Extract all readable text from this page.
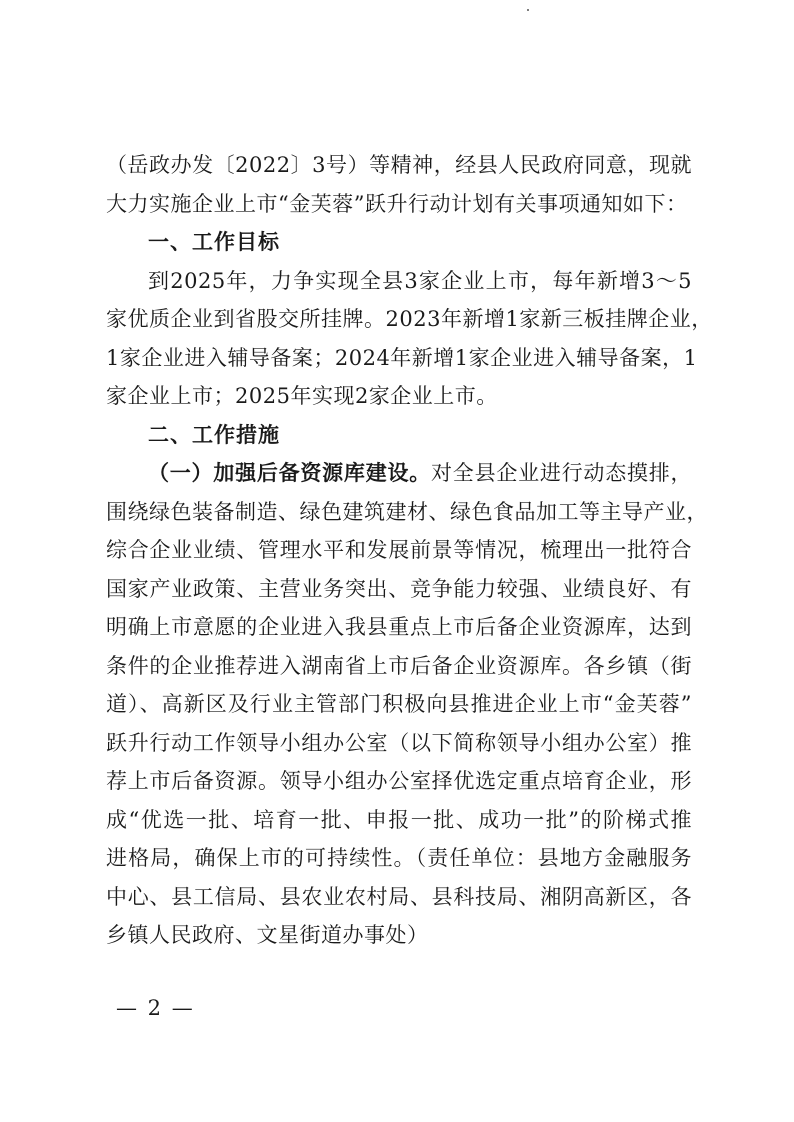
（岳政办发〔2022〕3号）等精神，经县人民政府同意，现就
大力实施企业上市“金芙蓉”跃升行动计划有关事项通知如下：
一、工作目标
到2025年，力争实现全县3家企业上市，每年新增3～5
家优质企业到省股交所挂牌。2023年新增1家新三板挂牌企业，
1家企业进入辅导备案；2024年新增1家企业进入辅导备案，1
家企业上市；2025年实现2家企业上市。
二、工作措施
（一）加强后备资源库建设。对全县企业进行动态摸排，
围绕绿色装备制造、绿色建筑建材、绿色食品加工等主导产业，
综合企业业绩、管理水平和发展前景等情况，梳理出一批符合
国家产业政策、主营业务突出、竞争能力较强、业绩良好、有
明确上市意愿的企业进入我县重点上市后备企业资源库，达到
条件的企业推荐进入湖南省上市后备企业资源库。各乡镇（街
道）、高新区及行业主管部门积极向县推进企业上市“金芙蓉”
跃升行动工作领导小组办公室（以下简称领导小组办公室）推
荐上市后备资源。领导小组办公室择优选定重点培育企业，形
成“优选一批、培育一批、申报一批、成功一批”的阶梯式推
进格局，确保上市的可持续性。（责任单位：县地方金融服务
中心、县工信局、县农业农村局、县科技局、湘阴高新区，各
乡镇人民政府、文星街道办事处）
— 2 —
